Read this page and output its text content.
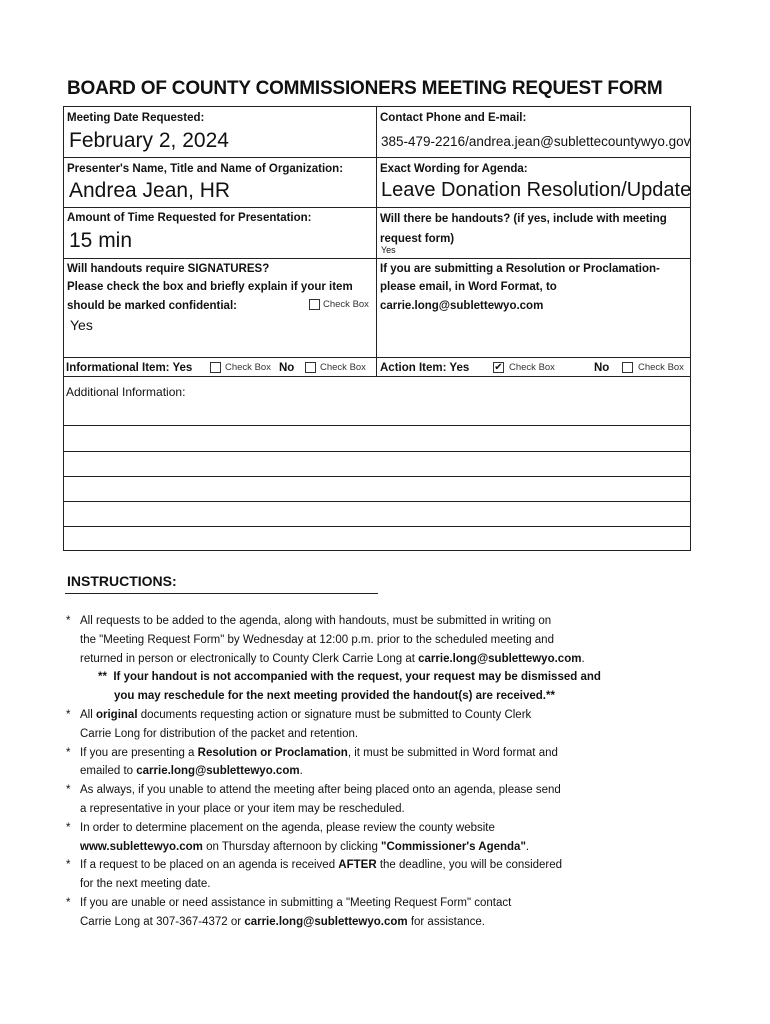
BOARD OF COUNTY COMMISSIONERS MEETING REQUEST FORM
Meeting Date Requested:
February 2, 2024
Contact Phone and E-mail:
385-479-2216/andrea.jean@sublettecountywyo.gov
Presenter's Name, Title and Name of Organization:
Andrea Jean, HR
Exact Wording for Agenda:
Leave Donation Resolution/Update
Amount of Time Requested for Presentation:
15 min
Will there be handouts? (if yes, include with meeting request form)
Yes
Will handouts require SIGNATURES?
Please check the box and briefly explain if your item
should be marked confidential:	Check Box
Yes
If you are submitting a Resolution or Proclamation-
please email, in Word Format, to
carrie.long@sublettewyo.com
Informational Item: Yes	Check Box No	Check Box Action Item: Yes	✔ Check Box	No	Check Box
Additional Information:
INSTRUCTIONS:
* All requests to be added to the agenda, along with handouts, must be submitted in writing on
the "Meeting Request Form" by Wednesday at 12:00 p.m. prior to the scheduled meeting and
returned in person or electronically to County Clerk Carrie Long at carrie.long@sublettewyo.com.
** If your handout is not accompanied with the request, your request may be dismissed and
you may reschedule for the next meeting provided the handout(s) are received.**
* All original documents requesting action or signature must be submitted to County Clerk
Carrie Long for distribution of the packet and retention.
* If you are presenting a Resolution or Proclamation, it must be submitted in Word format and
emailed to carrie.long@sublettewyo.com.
* As always, if you unable to attend the meeting after being placed onto an agenda, please send
a representative in your place or your item may be rescheduled.
* In order to determine placement on the agenda, please review the county website
www.sublettewyo.com on Thursday afternoon by clicking "Commissioner's Agenda".
* If a request to be placed on an agenda is received AFTER the deadline, you will be considered
for the next meeting date.
* If you are unable or need assistance in submitting a "Meeting Request Form" contact
Carrie Long at 307-367-4372 or carrie.long@sublettewyo.com for assistance.
